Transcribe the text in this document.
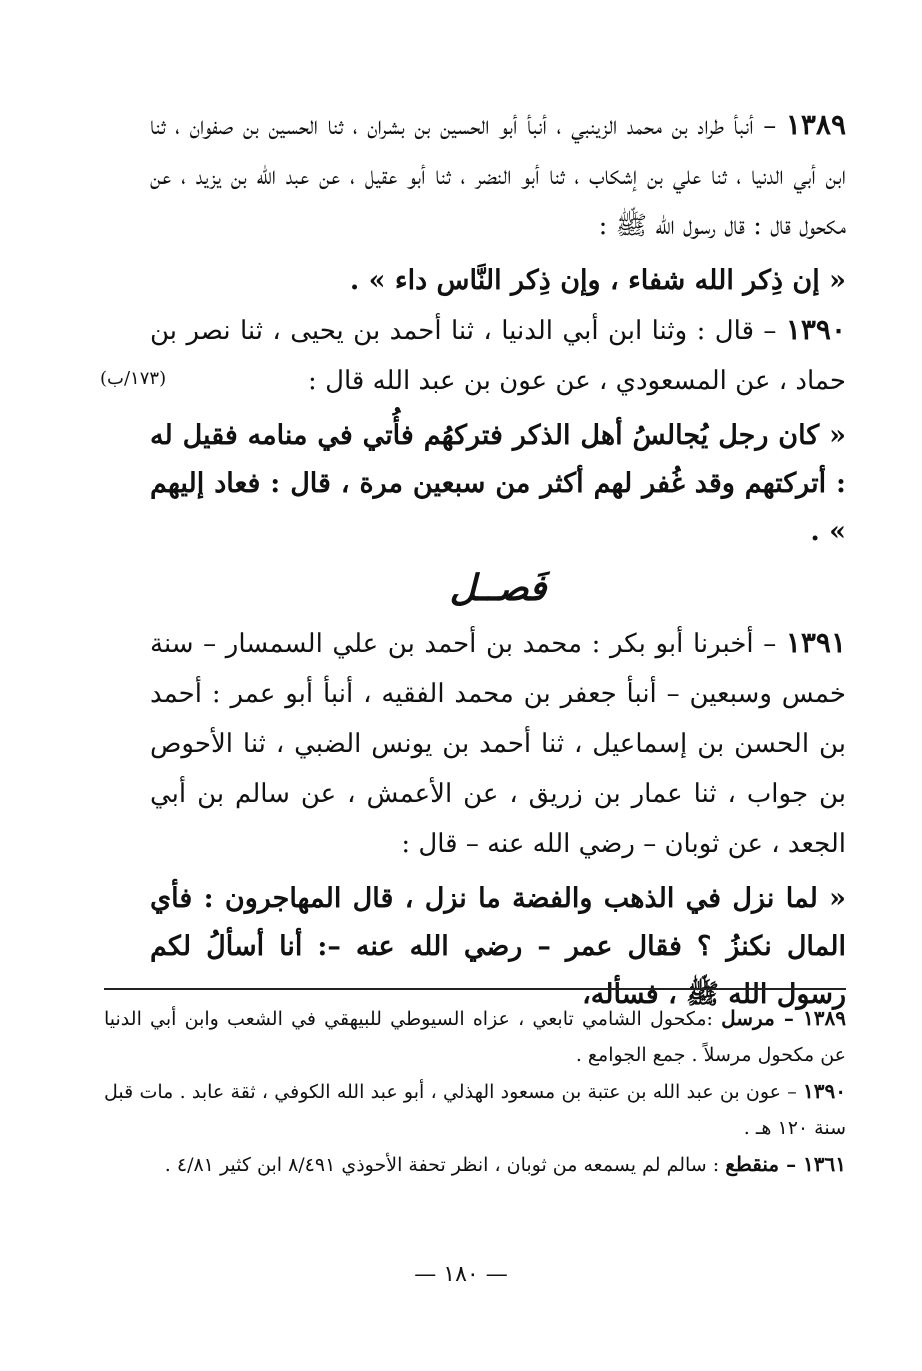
١٣٨٩ – أنبأ طراد بن محمد الزينبي ، أنبأ أبو الحسين بن بشران ، ثنا الحسين بن صفوان ، ثنا ابن أبي الدنيا ، ثنا علي بن إشكاب ، ثنا أبو النضر ، ثنا أبو عقيل ، عن عبد الله بن يزيد ، عن مكحول قال : قال رسول الله ﷺ :

« إن ذِكر الله شفاء ، وإن ذِكر النَّاس داء » .

١٣٩٠ – قال : وثنا ابن أبي الدنيا ، ثنا أحمد بن يحيى ، ثنا نصر بن حماد ، عن المسعودي ، عن عون بن عبد الله قال :

« كان رجل يُجالسُ أهل الذكر فتركهُم فأُتي في منامه فقيل له : أتركتهم وقد غُفر لهم أكثر من سبعين مرة ، قال : فعاد إليهم » .

فَصــل

١٣٩١ – أخبرنا أبو بكر : محمد بن أحمد بن علي السمسار – سنة خمس وسبعين – أنبأ جعفر بن محمد الفقيه ، أنبأ أبو عمر : أحمد بن الحسن بن إسماعيل ، ثنا أحمد بن يونس الضبي ، ثنا الأحوص بن جواب ، ثنا عمار بن زريق ، عن الأعمش ، عن سالم بن أبي الجعد ، عن ثوبان – رضي الله عنه – قال :

« لما نزل في الذهب والفضة ما نزل ، قال المهاجرون : فأي المال نكنزُ ؟ فقال عمر – رضي الله عنه –: أنا أسألُ لكم رسول الله ﷺ ، فسأله،

(١٧٣/ب)

١٣٨٩ – مرسل :مكحول الشامي تابعي ، عزاه السيوطي للبيهقي في الشعب وابن أبي الدنيا عن مكحول مرسلاً . جمع الجوامع .

١٣٩٠ – عون بن عبد الله بن عتبة بن مسعود الهذلي ، أبو عبد الله الكوفي ، ثقة عابد . مات قبل سنة ١٢٠ هـ .

١٣٦١ – منقطع : سالم لم يسمعه من ثوبان ، انظر تحفة الأحوذي ٨/٤٩١ ابن كثير ٤/٨١ .

— ١٨٠ —
